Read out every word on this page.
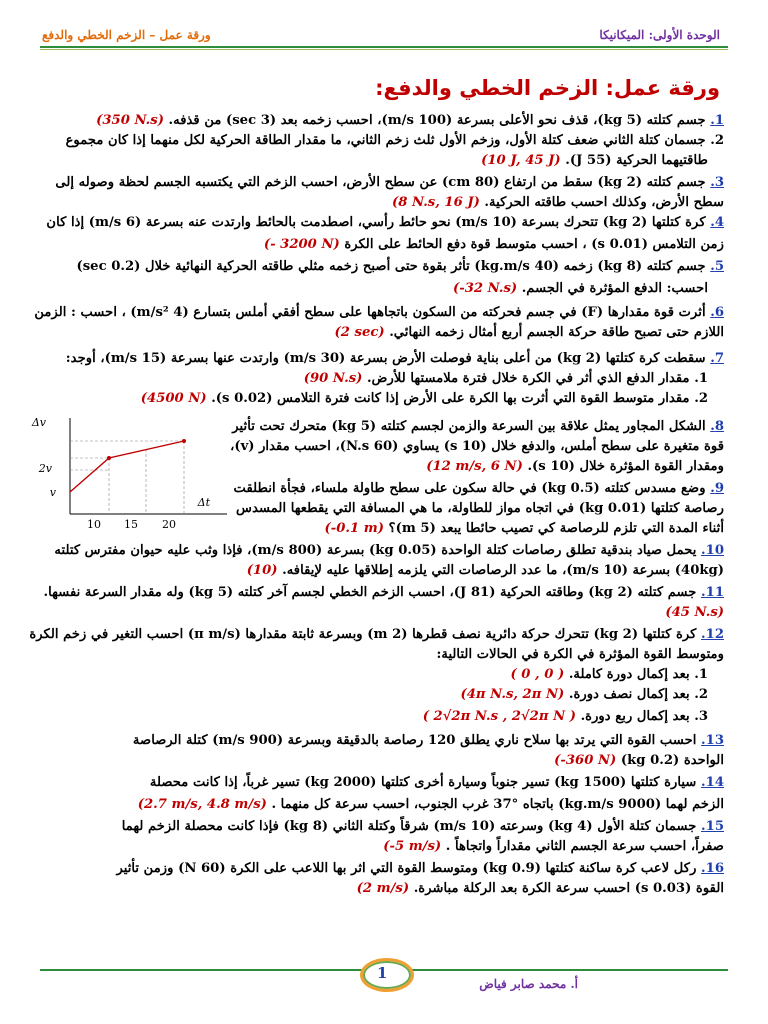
الوحدة الأولى: الميكانيكا
ورقة عمل – الزخم الخطي والدفع
ورقة عمل: الزخم الخطي والدفع:
1. جسم كتلته (5 kg)، قذف نحو الأعلى بسرعة (100 m/s)، احسب زخمه بعد (3 sec) من قذفه. (350 N.s)
2. جسمان كتلة الثاني ضعف كتلة الأول، وزخم الأول ثلث زخم الثاني، ما مقدار الطاقة الحركية لكل منهما إذا كان مجموع
طاقتيهما الحركية (55 J). (10 J, 45 J)
3. جسم كتلته (2 kg) سقط من ارتفاع (80 cm) عن سطح الأرض، احسب الزخم التي يكتسبه الجسم لحظة وصوله إلى
سطح الأرض، وكذلك احسب طاقته الحركية. (8 N.s, 16 J)
4. كرة كتلتها (2 kg) تتحرك بسرعة (10 m/s) نحو حائط رأسي، اصطدمت بالحائط وارتدت عنه بسرعة (6 m/s) إذا كان
زمن التلامس (0.01 s) ، احسب متوسط قوة دفع الحائط على الكرة (- 3200 N)
5. جسم كتلته (8 kg) زخمه (40 kg.m/s) تأثر بقوة حتى أصبح زخمه مثلي طاقته الحركية النهائية خلال (0.2 sec)
احسب: الدفع المؤثرة في الجسم. (-32 N.s)
6. أثرت قوة مقدارها (F) في جسم فحركته من السكون باتجاهها على سطح أفقي أملس بتسارع (4 m/s²) ، احسب : الزمن
اللازم حتى تصبح طاقة حركة الجسم أربع أمثال زخمه النهائي. (2 sec)
7. سقطت كرة كتلتها (2 kg) من أعلى بناية فوصلت الأرض بسرعة (30 m/s) وارتدت عنها بسرعة (15 m/s)، أوجد:
1. مقدار الدفع الذي أثر في الكرة خلال فترة ملامستها للأرض. (90 N.s)
2. مقدار متوسط القوة التي أثرت بها الكرة على الأرض إذا كانت فترة التلامس (0.02 s). (4500 N)
8. الشكل المجاور يمثل علاقة بين السرعة والزمن لجسم كتلته (5 kg) متحرك تحت تأثير
قوة متغيرة على سطح أملس، والدفع خلال (10 s) يساوي (60 N.s)، احسب مقدار (v)،
ومقدار القوة المؤثرة خلال (10 s). (12 m/s, 6 N)
9. وضع مسدس كتلته (0.5 kg) في حالة سكون على سطح طاولة ملساء، فجأة انطلقت
رصاصة كتلتها (0.01 kg) في اتجاه مواز للطاولة، ما هي المسافة التي يقطعها المسدس
أثناء المدة التي تلزم للرصاصة كي تصيب حائطا يبعد (5 m)؟ (-0.1 m)
10. يحمل صياد بندقية تطلق رصاصات كتلة الواحدة (0.05 kg) بسرعة (800 m/s)، فإذا وثب عليه حيوان مفترس كتلته
(40kg) بسرعة (10 m/s)، ما عدد الرصاصات التي يلزمه إطلاقها عليه لإيقافه. (10)
11. جسم كتلته (2 kg) وطاقته الحركية (81 J)، احسب الزخم الخطي لجسم آخر كتلته (5 kg) وله مقدار السرعة نفسها.
(45 N.s)
12. كرة كتلتها (2 kg) تتحرك حركة دائرية نصف قطرها (2 m) وبسرعة ثابتة مقدارها (π m/s) احسب التغير في زخم الكرة
ومتوسط القوة المؤثرة في الكرة في الحالات التالية:
1. بعد إكمال دورة كاملة. ( 0 , 0 )
2. بعد إكمال نصف دورة. (4π N.s, 2π N)
3. بعد إكمال ربع دورة. ( 2√2π N.s , 2√2π N )
13. احسب القوة التي يرتد بها سلاح ناري يطلق 120 رصاصة بالدقيقة وبسرعة (900 m/s) كتلة الرصاصة
الواحدة (0.2 kg) (-360 N)
14. سيارة كتلتها (1500 kg) تسير جنوباً وسيارة أخرى كتلتها (2000 kg) تسير غرباً، إذا كانت محصلة
الزخم لهما (9000 kg.m/s) باتجاه °37 غرب الجنوب، احسب سرعة كل منهما . (2.7 m/s, 4.8 m/s)
15. جسمان كتلة الأول (4 kg) وسرعته (10 m/s) شرقاً وكتلة الثاني (8 kg) فإذا كانت محصلة الزخم لهما
صفراً، احسب سرعة الجسم الثاني مقداراً واتجاهاً . (-5 m/s)
16. ركل لاعب كرة ساكنة كتلتها (0.9 kg) ومتوسط القوة التي اثر بها اللاعب على الكرة (60 N) وزمن تأثير
القوة (0.03 s) احسب سرعة الكرة بعد الركلة مباشرة. (2 m/s)
Δv
Δt
10 15 20
v
2v
1
أ. محمد صابر فياض
